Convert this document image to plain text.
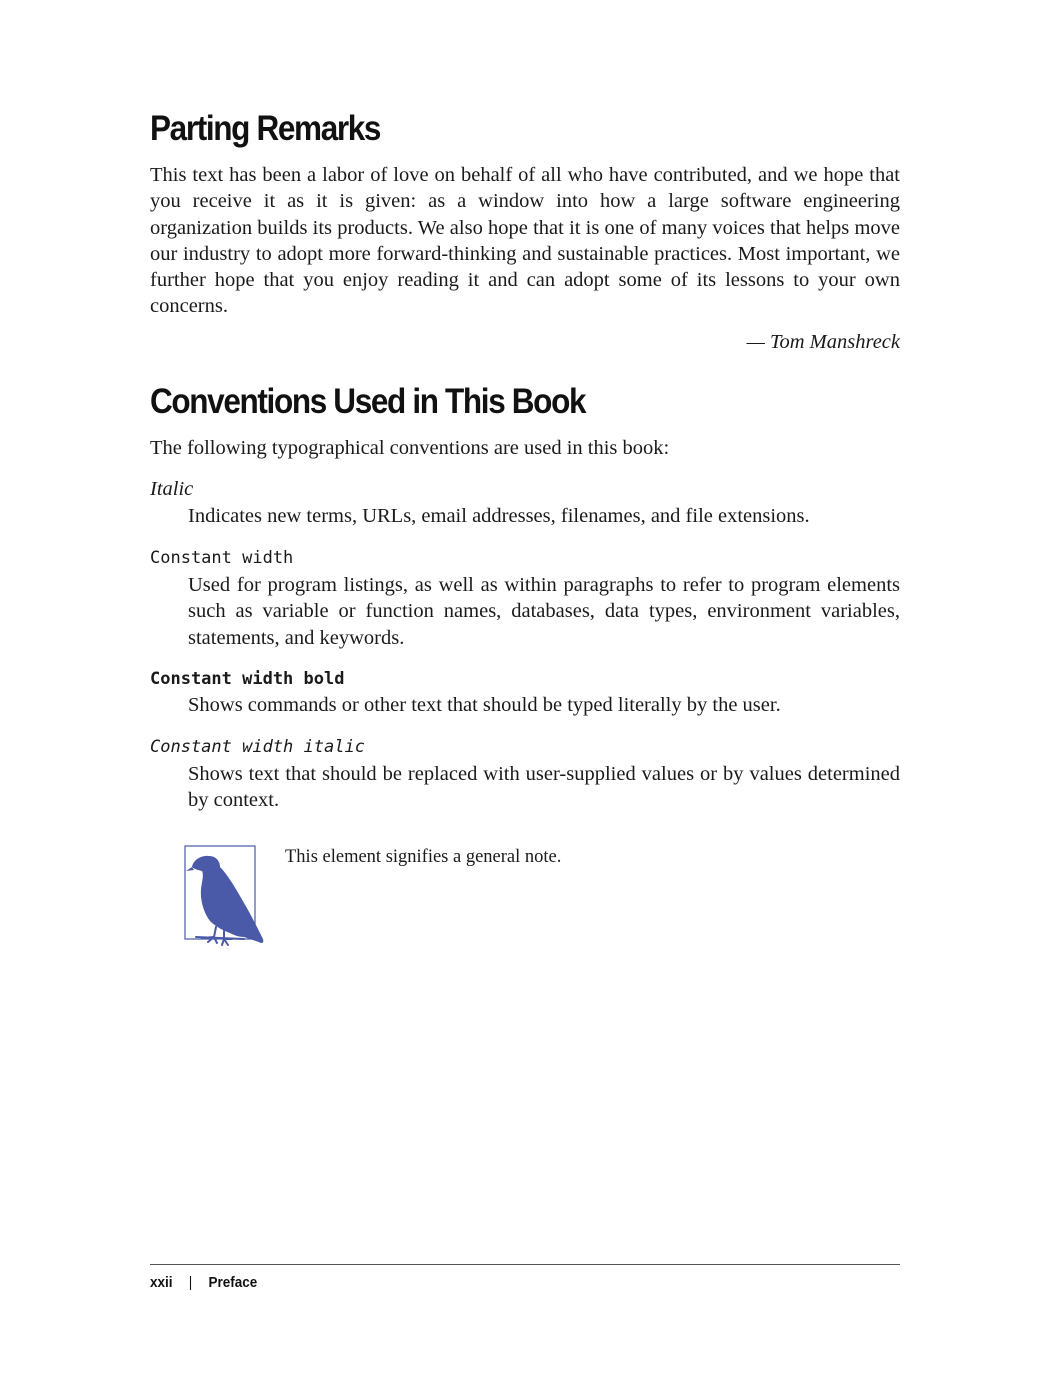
Parting Remarks

This text has been a labor of love on behalf of all who have contributed, and we hope that you receive it as it is given: as a window into how a large software engineering organization builds its products. We also hope that it is one of many voices that helps move our industry to adopt more forward-thinking and sustainable practices. Most important, we further hope that you enjoy reading it and can adopt some of its lessons to your own concerns.

— Tom Manshreck
Conventions Used in This Book
The following typographical conventions are used in this book:
Italic

Indicates new terms, URLs, email addresses, filenames, and file extensions.

Constant width

Used for program listings, as well as within paragraphs to refer to program elements such as variable or function names, databases, data types, environment variables, statements, and keywords.

Constant width bold

Shows commands or other text that should be typed literally by the user.

Constant width italic

Shows text that should be replaced with user-supplied values or by values determined by context.

This element signifies a general note.
xxii | Preface
